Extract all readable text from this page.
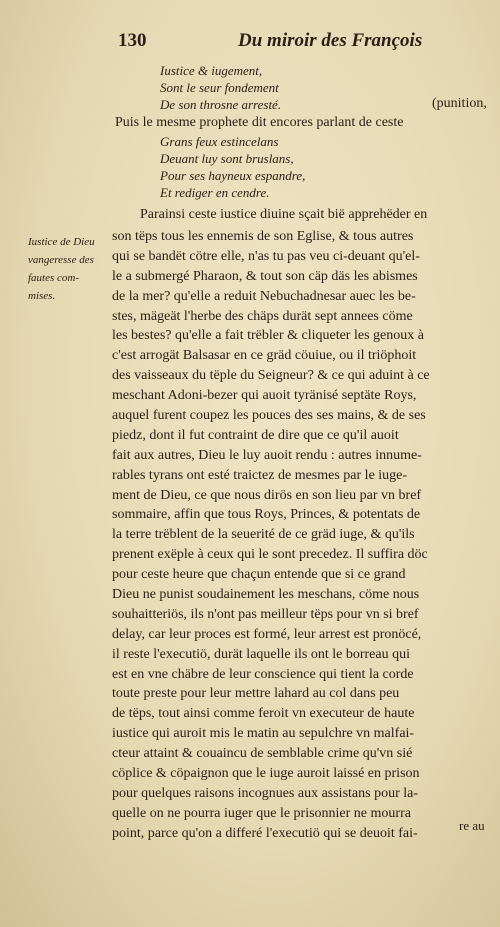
130	Du miroir des François
Iustice & iugement,
Sont le seur fondement
De son throsne arresté.	(punition,
Puis le mesme prophete dit encores parlant de ceste
Grans feux estincelans
Deuant luy sont bruslans,
Pour ses hayneux espandre,
Et rediger en cendre.
Parainsi ceste iustice diuine sçait bië apprehëder en
son tëps tous les ennemis de son Eglise, & tous autres
qui se bandët cötre elle, n'as tu pas veu ci-deuant qu'el-
le a submergé Pharaon, & tout son cäp däs les abismes
de la mer? qu'elle a reduit Nebuchadnesar auec les be-
stes, mägeät l'herbe des chäps durät sept annees cöme
les bestes? qu'elle a fait trëbler & cliqueter les genoux à
c'est arrogät Balsasar en ce gräd cöuiue, ou il triöphoit
des vaisseaux du tëple du Seigneur? & ce qui aduint à ce
meschant Adoni-bezer qui auoit tyränisé septäte Roys,
auquel furent coupez les pouces des ses mains, & de ses
piedz, dont il fut contraint de dire que ce qu'il auoit
fait aux autres, Dieu le luy auoit rendu : autres innume-
rables tyrans ont esté traictez de mesmes par le iuge-
ment de Dieu, ce que nous dirös en son lieu par vn bref
sommaire, affin que tous Roys, Princes, & potentats de
la terre trëblent de la seuerité de ce gräd iuge, & qu'ils
prenent exëple à ceux qui le sont precedez. Il suffira döc
pour ceste heure que chaçun entende que si ce grand
Dieu ne punist soudainement les meschans, cöme nous
souhaitteriös, ils n'ont pas meilleur tëps pour vn si bref
delay, car leur proces est formé, leur arrest est pronöcé,
il reste l'executiö, durät laquelle ils ont le borreau qui
est en vne chäbre de leur conscience qui tient la corde
toute preste pour leur mettre lahard au col dans peu
de tëps, tout ainsi comme feroit vn executeur de haute
iustice qui auroit mis le matin au sepulchre vn malfai-
cteur attaint & couaincu de semblable crime qu'vn sié
cöplice & cöpaignon que le iuge auroit laissé en prison
pour quelques raisons incognues aux assistans pour la-
quelle on ne pourra iuger que le prisonnier ne mourra
point, parce qu'on a differé l'executiö qui se deuoit fai-
Iustice de Dieu
vangeresse des
fautes com-
mises.
re au
